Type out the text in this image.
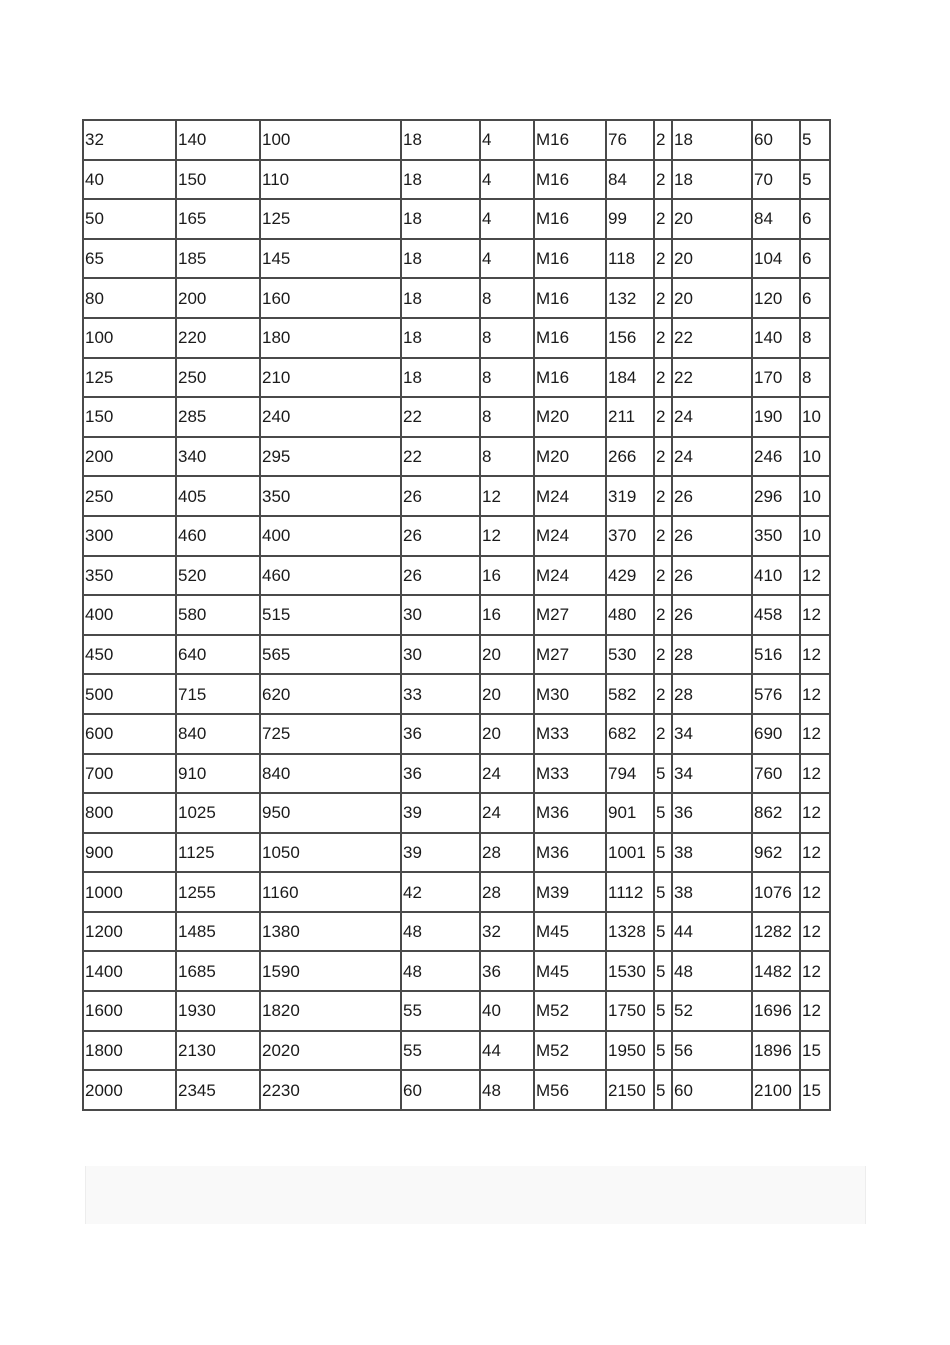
32	140	100	18	4	M16	76	2	18	60	5
40	150	110	18	4	M16	84	2	18	70	5
50	165	125	18	4	M16	99	2	20	84	6
65	185	145	18	4	M16	118	2	20	104	6
80	200	160	18	8	M16	132	2	20	120	6
100	220	180	18	8	M16	156	2	22	140	8
125	250	210	18	8	M16	184	2	22	170	8
150	285	240	22	8	M20	211	2	24	190	10
200	340	295	22	8	M20	266	2	24	246	10
250	405	350	26	12	M24	319	2	26	296	10
300	460	400	26	12	M24	370	2	26	350	10
350	520	460	26	16	M24	429	2	26	410	12
400	580	515	30	16	M27	480	2	26	458	12
450	640	565	30	20	M27	530	2	28	516	12
500	715	620	33	20	M30	582	2	28	576	12
600	840	725	36	20	M33	682	2	34	690	12
700	910	840	36	24	M33	794	5	34	760	12
800	1025	950	39	24	M36	901	5	36	862	12
900	1125	1050	39	28	M36	1001	5	38	962	12
1000	1255	1160	42	28	M39	1112	5	38	1076	12
1200	1485	1380	48	32	M45	1328	5	44	1282	12
1400	1685	1590	48	36	M45	1530	5	48	1482	12
1600	1930	1820	55	40	M52	1750	5	52	1696	12
1800	2130	2020	55	44	M52	1950	5	56	1896	15
2000	2345	2230	60	48	M56	2150	5	60	2100	15
